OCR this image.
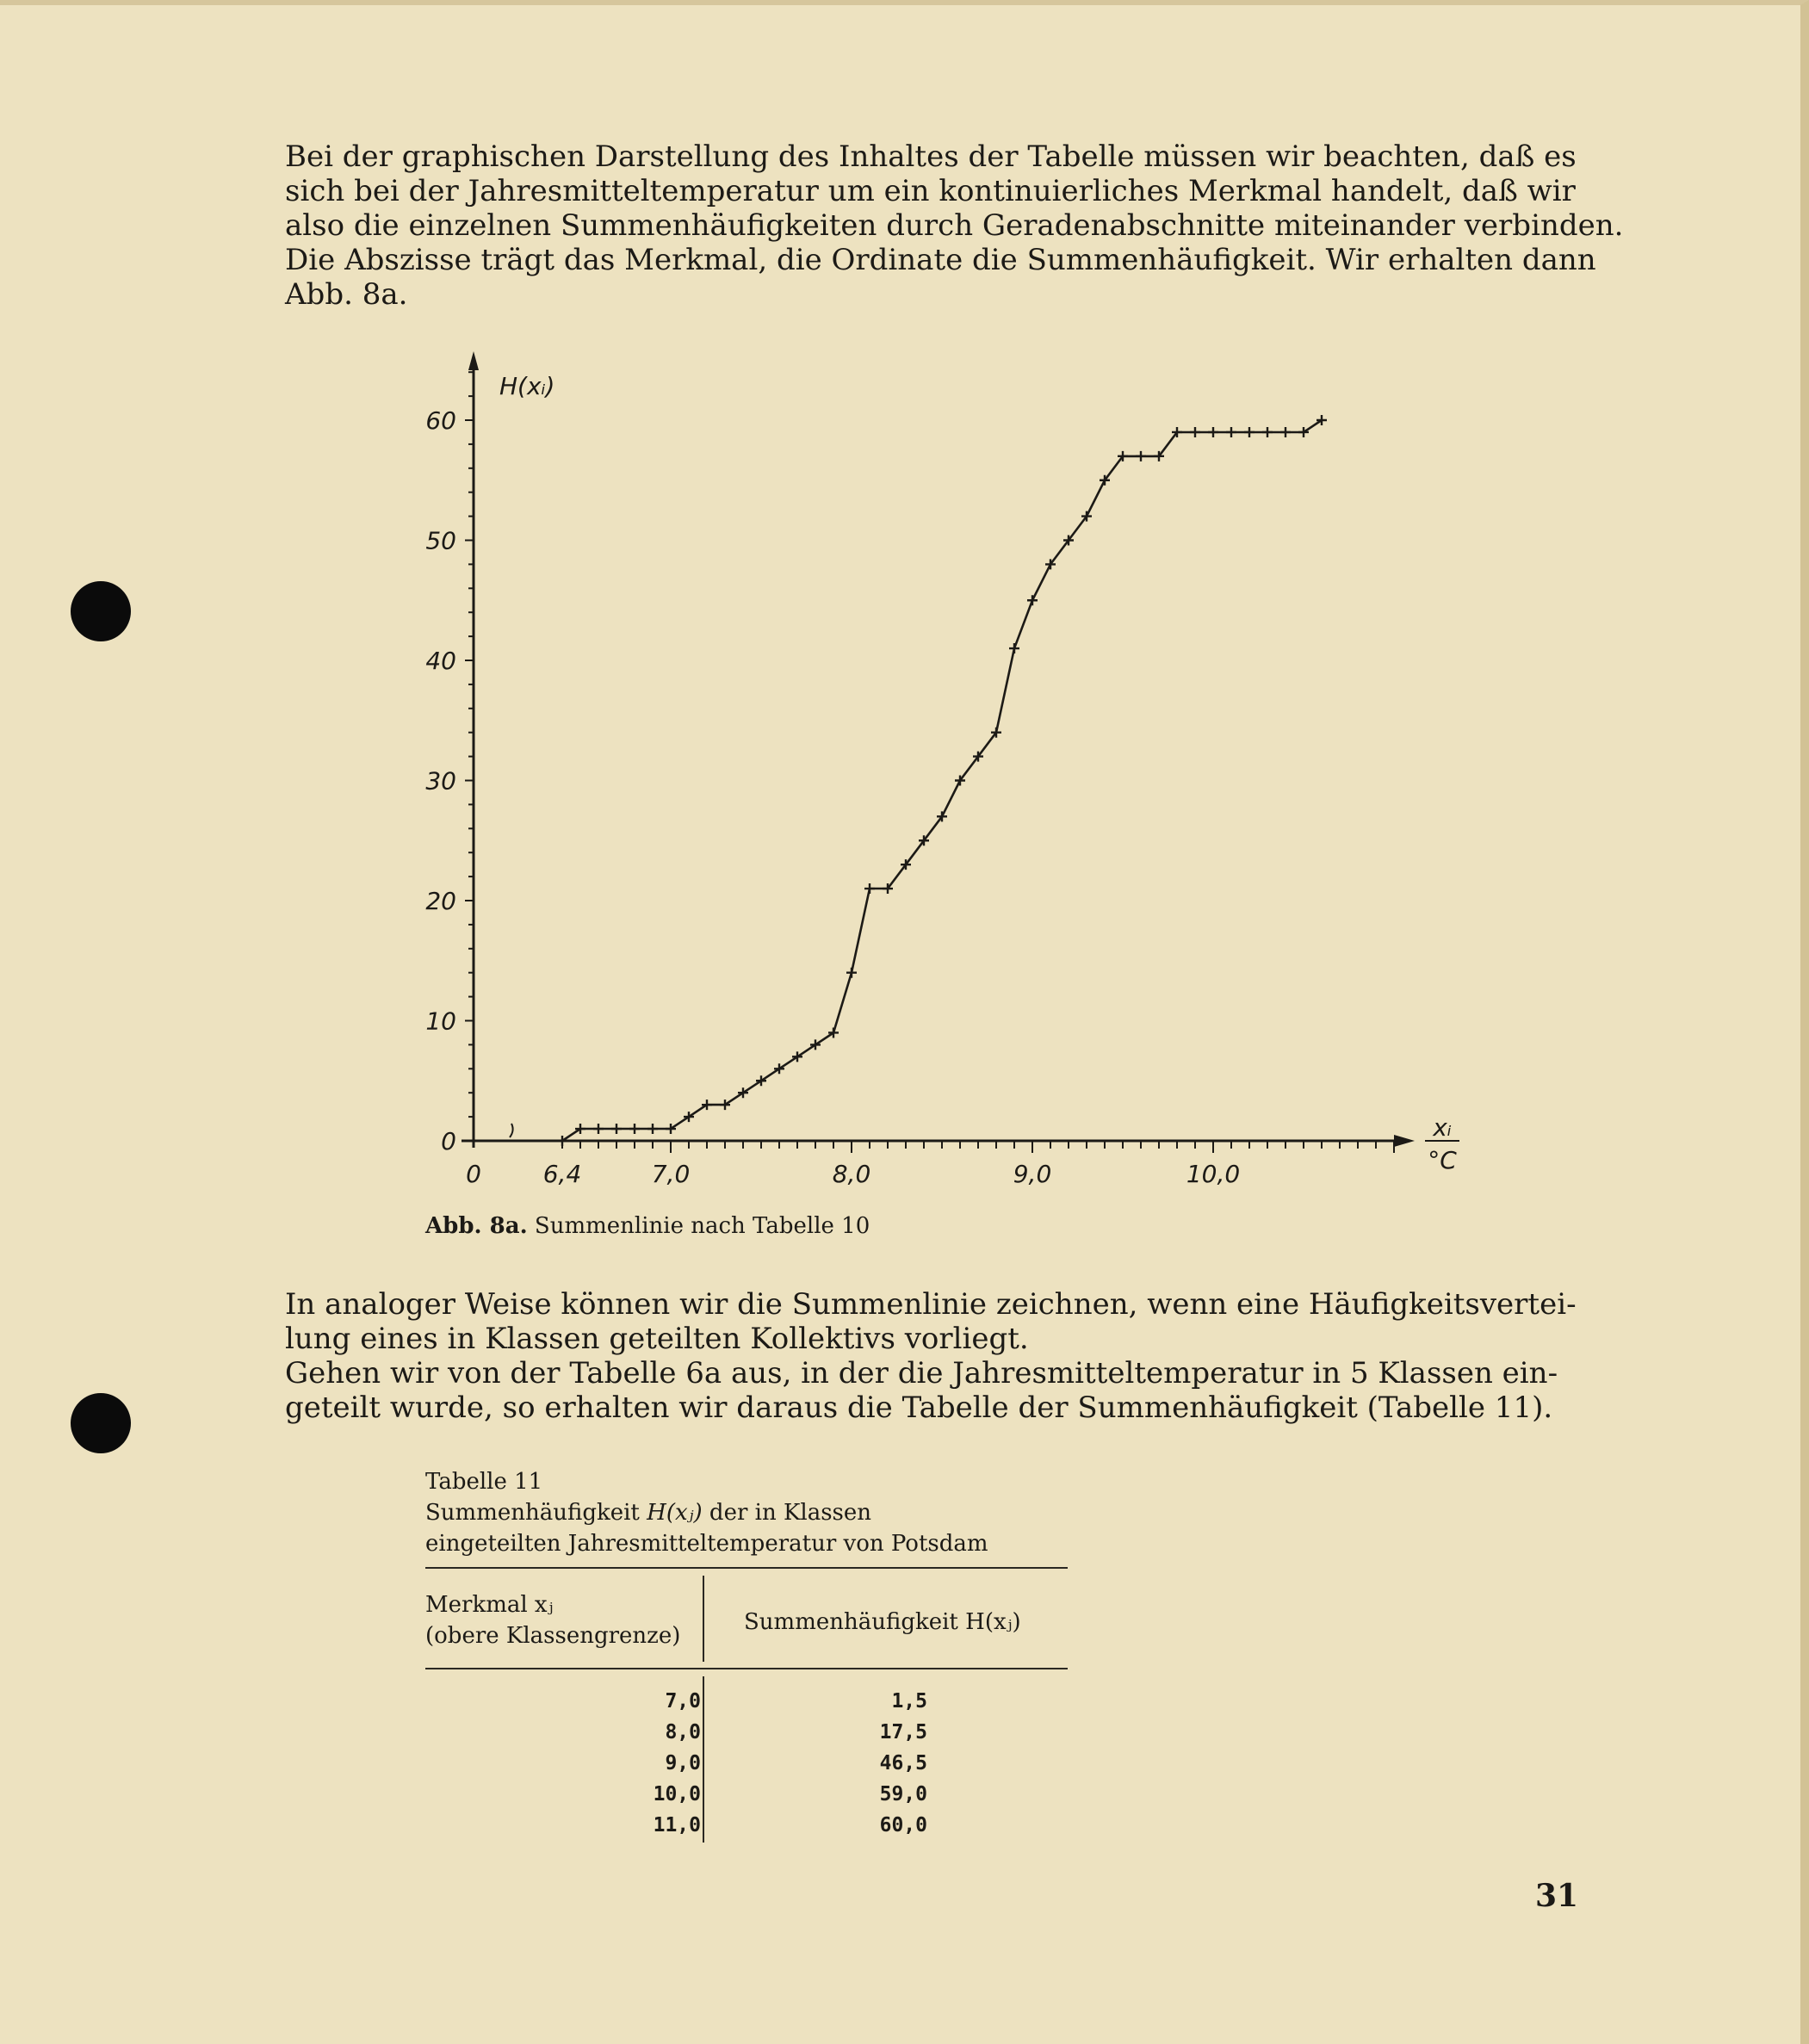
Bei der graphischen Darstellung des Inhaltes der Tabelle müssen wir beachten, daß es
sich bei der Jahresmitteltemperatur um ein kontinuierliches Merkmal handelt, daß wir
also die einzelnen Summenhäufigkeiten durch Geradenabschnitte miteinander verbinden.
Die Abszisse trägt das Merkmal, die Ordinate die Summenhäufigkeit. Wir erhalten dann
Abb. 8a.
0
10
20
30
40
50
60
H(xᵢ)
0	6,4	7,0	8,0	9,0	10,0
xᵢ
°C
Abb. 8a. Summenlinie nach Tabelle 10
In analoger Weise können wir die Summenlinie zeichnen, wenn eine Häufigkeitsvertei-
lung eines in Klassen geteilten Kollektivs vorliegt.
Gehen wir von der Tabelle 6a aus, in der die Jahresmitteltemperatur in 5 Klassen ein-
geteilt wurde, so erhalten wir daraus die Tabelle der Summenhäufigkeit (Tabelle 11).
Tabelle 11
Summenhäufigkeit H(xⱼ) der in Klassen
eingeteilten Jahresmitteltemperatur von Potsdam
Merkmal xⱼ
(obere Klassengrenze)
Summenhäufigkeit H(xⱼ)
7,0	1,5
8,0	17,5
9,0	46,5
10,0	59,0
11,0	60,0
31
